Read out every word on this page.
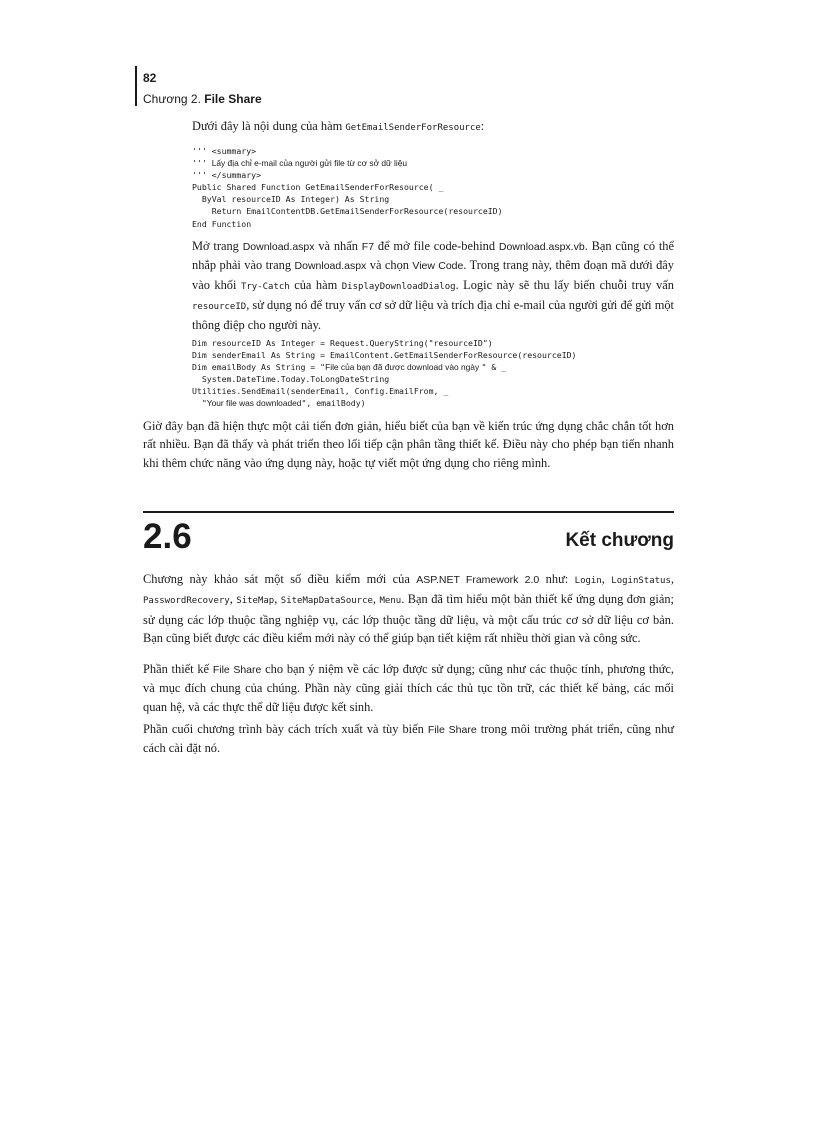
82
Chương 2. File Share

Dưới đây là nội dung của hàm GetEmailSenderForResource:

''' <summary>
''' Lấy địa chỉ e-mail của người gửi file từ cơ sở dữ liệu
''' </summary>
Public Shared Function GetEmailSenderForResource( _
ByVal resourceID As Integer) As String
Return EmailContentDB.GetEmailSenderForResource(resourceID)
End Function

Mở trang Download.aspx và nhấn F7 để mở file code-behind Download.aspx.vb. Bạn cũng có thể nhắp phải vào trang Download.aspx và chọn View Code. Trong trang này, thêm đoạn mã dưới đây vào khối Try-Catch của hàm DisplayDownloadDialog. Logic này sẽ thu lấy biến chuỗi truy vấn resourceID, sử dụng nó để truy vấn cơ sở dữ liệu và trích địa chỉ e-mail của người gửi để gửi một thông điệp cho người này.

Dim resourceID As Integer = Request.QueryString("resourceID")
Dim senderEmail As String = EmailContent.GetEmailSenderForResource(resourceID)
Dim emailBody As String = "File của bạn đã được download vào ngày " & _
System.DateTime.Today.ToLongDateString
Utilities.SendEmail(senderEmail, Config.EmailFrom, _
"Your file was downloaded", emailBody)

Giờ đây bạn đã hiện thực một cải tiến đơn giản, hiểu biết của bạn về kiến trúc ứng dụng chắc chắn tốt hơn rất nhiều. Bạn đã thấy và phát triển theo lối tiếp cận phân tầng thiết kế. Điều này cho phép bạn tiến nhanh khi thêm chức năng vào ứng dụng này, hoặc tự viết một ứng dụng cho riêng mình.

2.6	Kết chương

Chương này khảo sát một số điều kiểm mới của ASP.NET Framework 2.0 như: Login, LoginStatus, PasswordRecovery, SiteMap, SiteMapDataSource, Menu. Bạn đã tìm hiểu một bản thiết kế ứng dụng đơn giản; sử dụng các lớp thuộc tầng nghiệp vụ, các lớp thuộc tầng dữ liệu, và một cấu trúc cơ sở dữ liệu cơ bản. Bạn cũng biết được các điều kiểm mới này có thể giúp bạn tiết kiệm rất nhiều thời gian và công sức.

Phần thiết kế File Share cho bạn ý niệm về các lớp được sử dụng; cũng như các thuộc tính, phương thức, và mục đích chung của chúng. Phần này cũng giải thích các thủ tục tồn trữ, các thiết kế bảng, các mối quan hệ, và các thực thể dữ liệu được kết sinh.

Phần cuối chương trình bày cách trích xuất và tùy biến File Share trong môi trường phát triển, cũng như cách cài đặt nó.
